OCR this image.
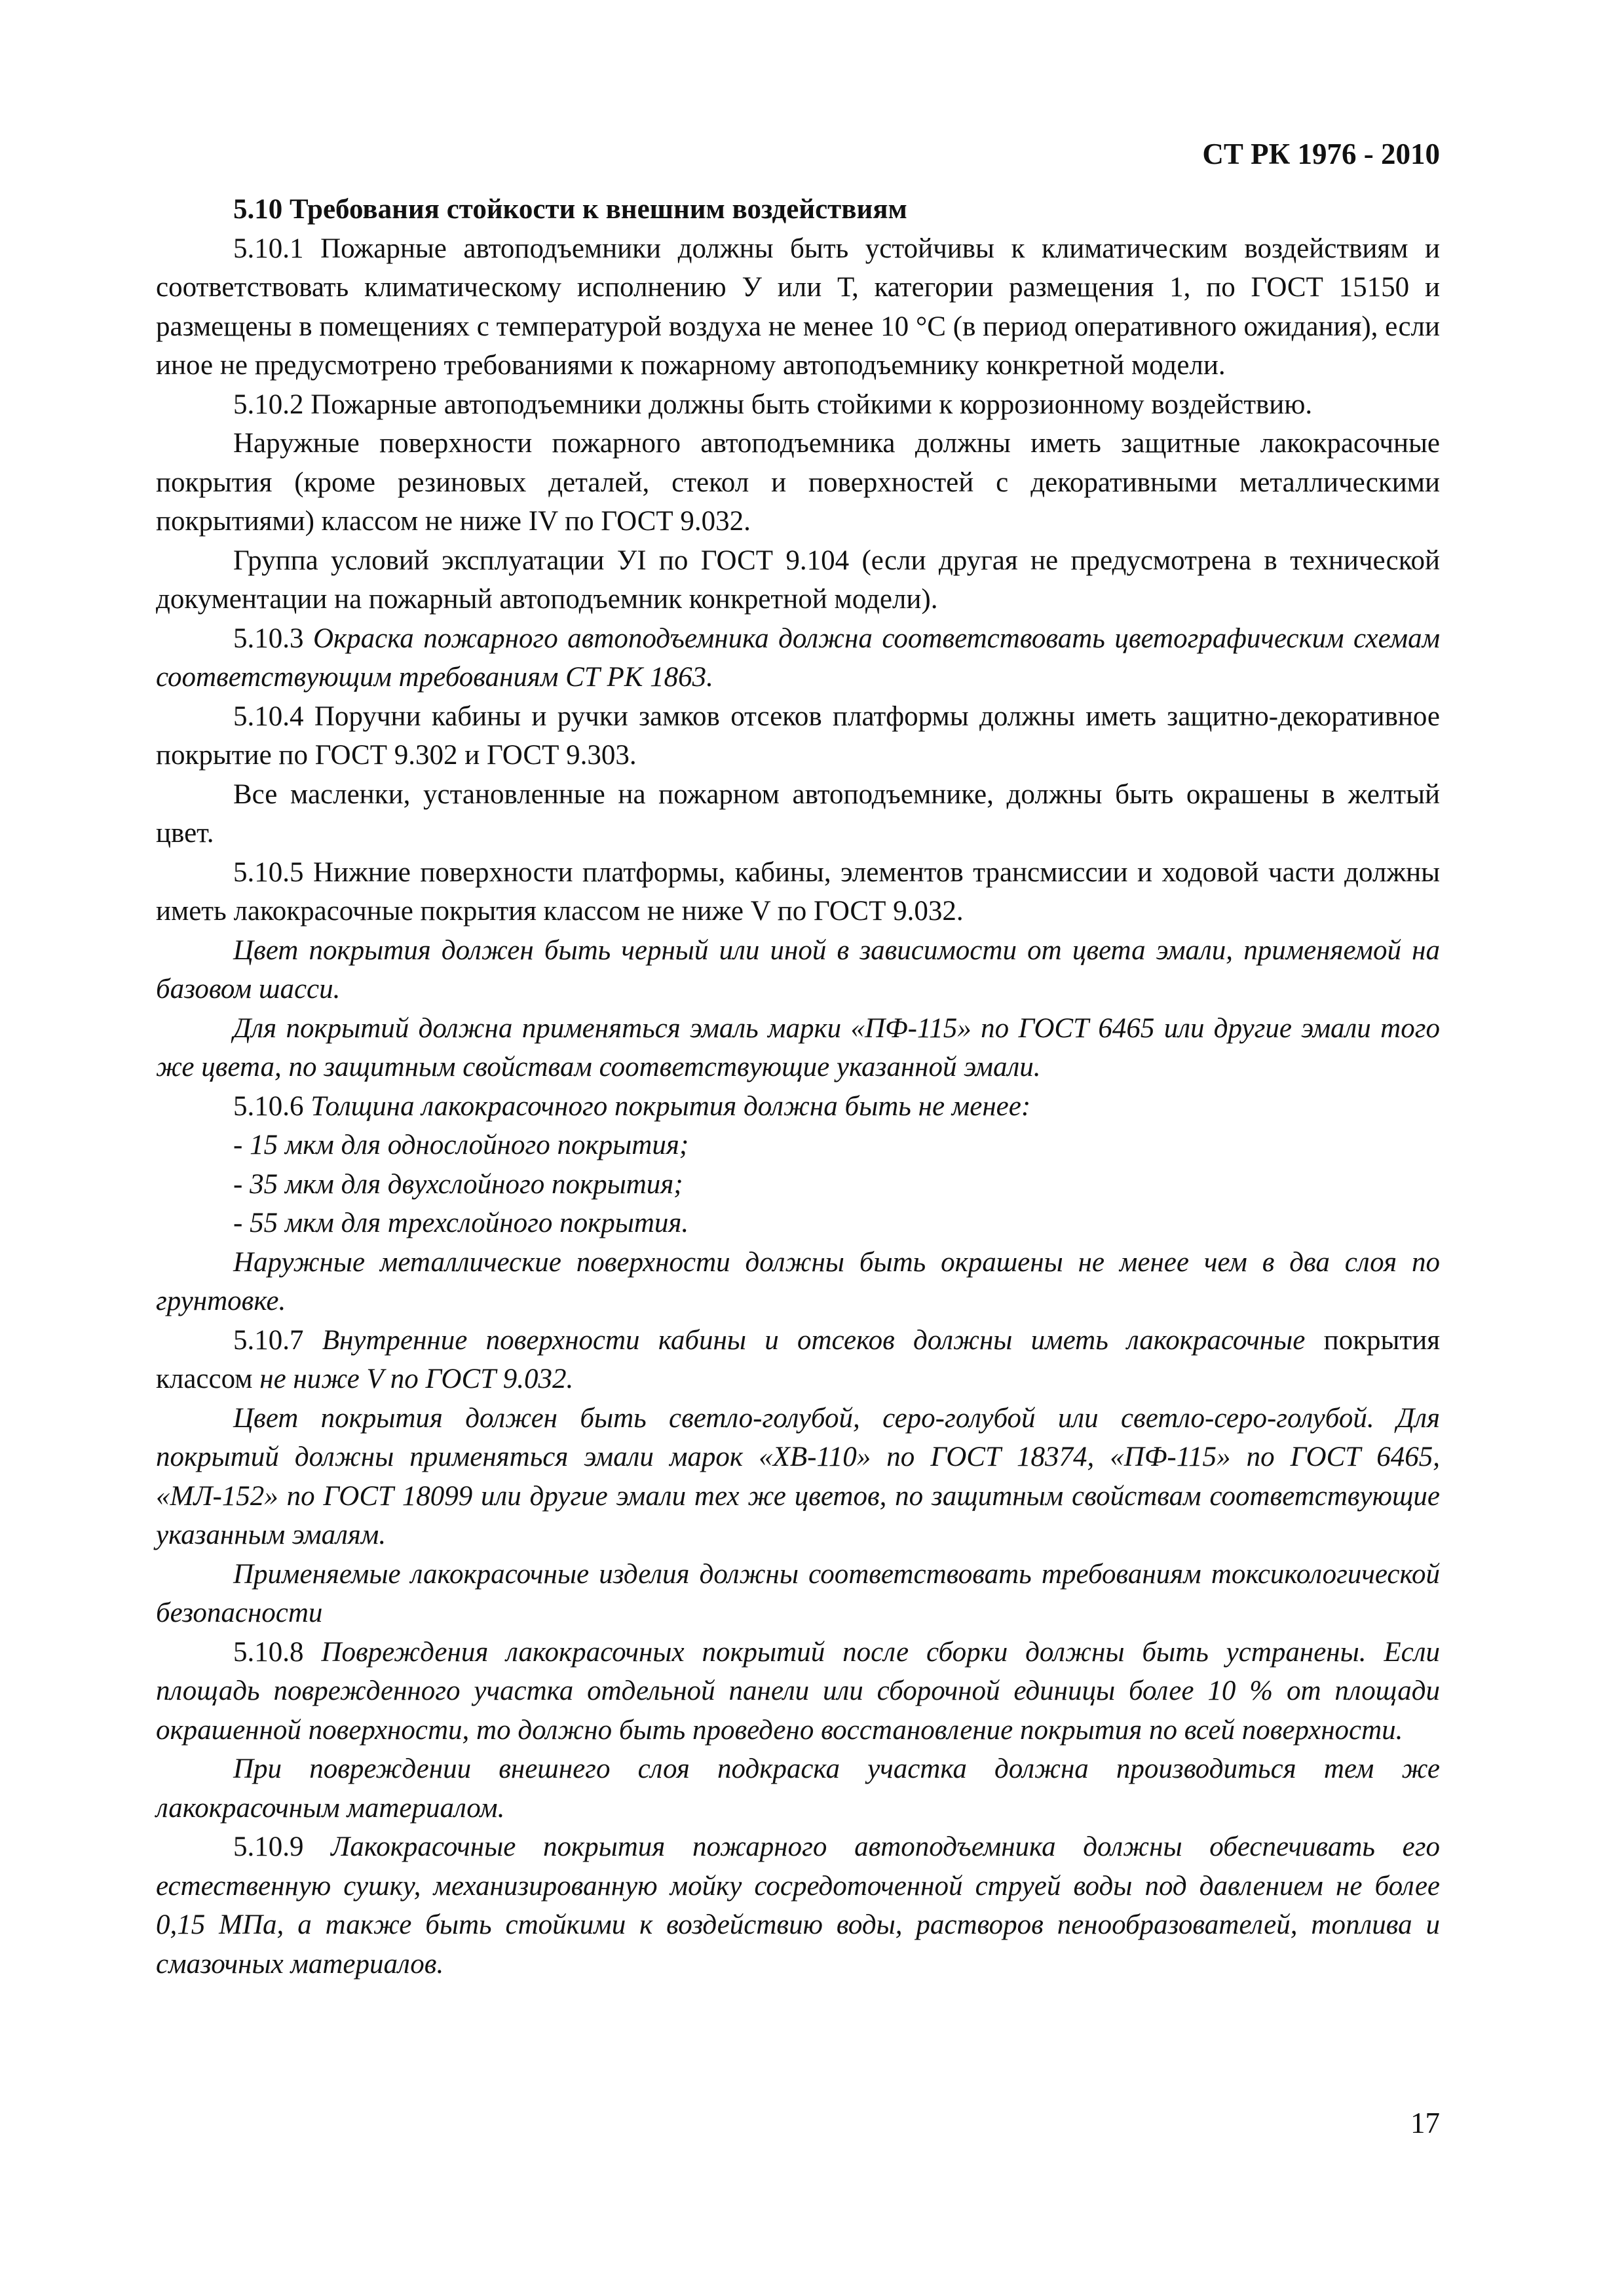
СТ РК 1976 - 2010

5.10 Требования стойкости к внешним воздействиям

5.10.1 Пожарные автоподъемники должны быть устойчивы к климатическим воздействиям и соответствовать климатическому исполнению У или Т, категории размещения 1, по ГОСТ 15150 и размещены в помещениях с температурой воздуха не менее 10 °С (в период оперативного ожидания), если иное не предусмотрено требованиями к пожарному автоподъемнику конкретной модели.

5.10.2 Пожарные автоподъемники должны быть стойкими к коррозионному воздействию.

Наружные поверхности пожарного автоподъемника должны иметь защитные лакокрасочные покрытия (кроме резиновых деталей, стекол и поверхностей с декоративными металлическими покрытиями) классом не ниже IV по ГОСТ 9.032.

Группа условий эксплуатации УI по ГОСТ 9.104 (если другая не предусмотрена в технической документации на пожарный автоподъемник конкретной модели).

5.10.3 Окраска пожарного автоподъемника должна соответствовать цветографическим схемам соответствующим требованиям СТ РК 1863.

5.10.4 Поручни кабины и ручки замков отсеков платформы должны иметь защитно-декоративное покрытие по ГОСТ 9.302 и ГОСТ 9.303.

Все масленки, установленные на пожарном автоподъемнике, должны быть окрашены в желтый цвет.

5.10.5 Нижние поверхности платформы, кабины, элементов трансмиссии и ходовой части должны иметь лакокрасочные покрытия классом не ниже V по ГОСТ 9.032.

Цвет покрытия должен быть черный или иной в зависимости от цвета эмали, применяемой на базовом шасси.

Для покрытий должна применяться эмаль марки «ПФ-115» по ГОСТ 6465 или другие эмали того же цвета, по защитным свойствам соответствующие указанной эмали.

5.10.6 Толщина лакокрасочного покрытия должна быть не менее:

- 15 мкм для однослойного покрытия;

- 35 мкм для двухслойного покрытия;

- 55 мкм для трехслойного покрытия.

Наружные металлические поверхности должны быть окрашены не менее чем в два слоя по грунтовке.

5.10.7 Внутренние поверхности кабины и отсеков должны иметь лакокрасочные покрытия классом не ниже V по ГОСТ 9.032.

Цвет покрытия должен быть светло-голубой, серо-голубой или светло-серо-голубой. Для покрытий должны применяться эмали марок «ХВ-110» по ГОСТ 18374, «ПФ-115» по ГОСТ 6465, «МЛ-152» по ГОСТ 18099 или другие эмали тех же цветов, по защитным свойствам соответствующие указанным эмалям.

Применяемые лакокрасочные изделия должны соответствовать требованиям токсикологической безопасности

5.10.8 Повреждения лакокрасочных покрытий после сборки должны быть устранены. Если площадь поврежденного участка отдельной панели или сборочной единицы более 10 % от площади окрашенной поверхности, то должно быть проведено восстановление покрытия по всей поверхности.

При повреждении внешнего слоя подкраска участка должна производиться тем же лакокрасочным материалом.

5.10.9 Лакокрасочные покрытия пожарного автоподъемника должны обеспечивать его естественную сушку, механизированную мойку сосредоточенной струей воды под давлением не более 0,15 МПа, а также быть стойкими к воздействию воды, растворов пенообразователей, топлива и смазочных материалов.

17
